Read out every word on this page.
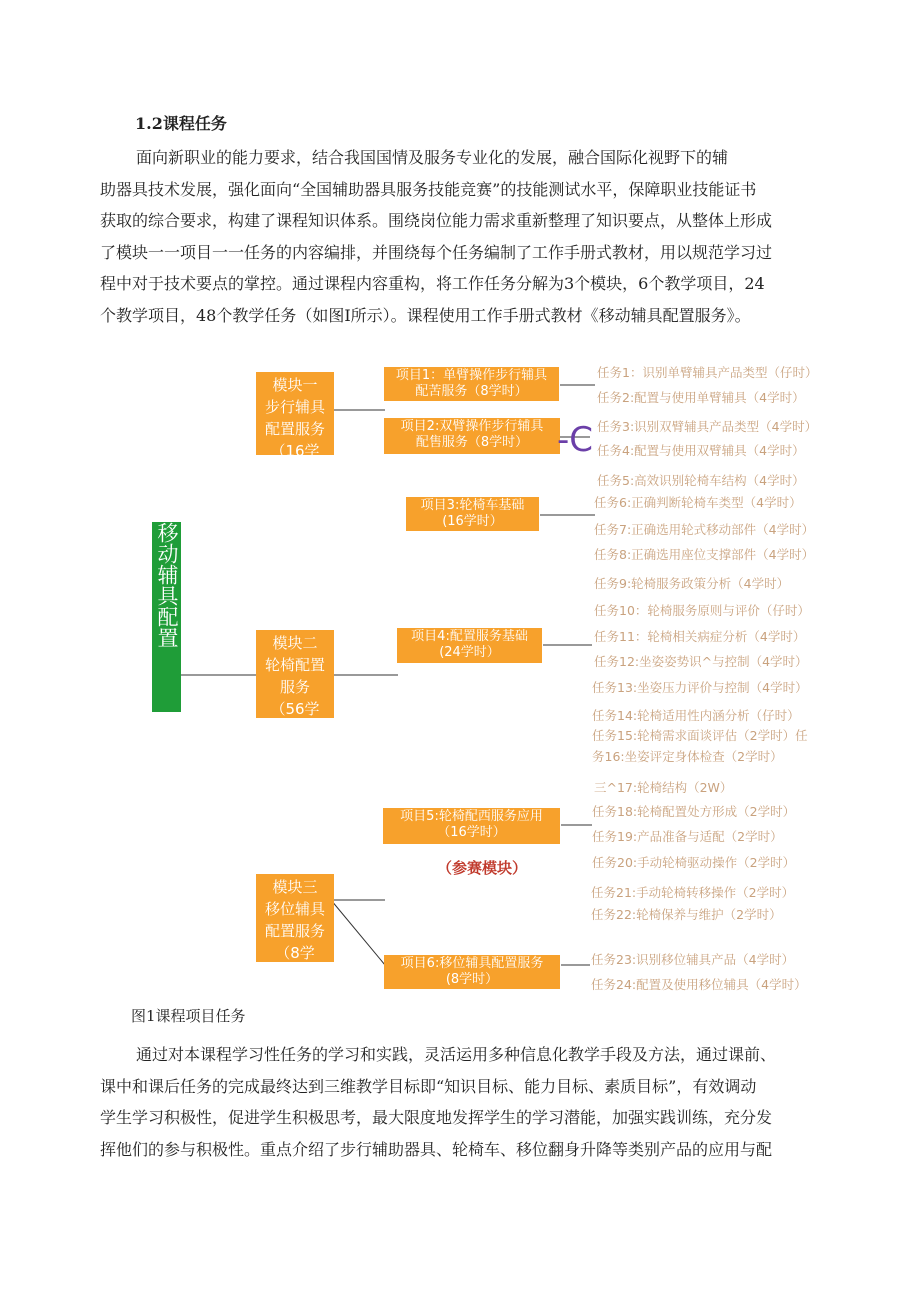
1.2课程任务

面向新职业的能力要求，结合我国国情及服务专业化的发展，融合国际化视野下的辅

助器具技术发展，强化面向“全国辅助器具服务技能竞赛”的技能测试水平，保障职业技能证书

获取的综合要求，构建了课程知识体系。围绕岗位能力需求重新整理了知识要点，从整体上形成

了模块一一项目一一任务的内容编排，并围绕每个任务编制了工作手册式教材，用以规范学习过

程中对于技术要点的掌控。通过课程内容重构，将工作任务分解为3个模块，6个教学项目，24

个教学项目，48个教学任务（如图I所示）。课程使用工作手册式教材《移动辅具配置服务》。

移动辅具配置
模块一
步行辅具
配置服务
（16学
时）
模块二
轮椅配置
服务
（56学
时）
模块三
移位辅具
配置服务
（8学
时）
项目1：单臂操作步行辅具
配苦服务（8学时）
项目2:双臂操作步行辅具
配售服务（8学时）
项目3:轮椅车基础
(16学时）
项目4:配置服务基础
(24学时）
项目5:轮椅配西服务应用
（16学时）
项目6:移位辅具配置服务
(8学时）
-C
（参赛模块）
任务1：识别单臂辅具产品类型（仔时）
任务2:配置与使用单臂辅具（4学时）
任务3:识别双臂辅具产品类型（4学时）
任务4:配置与使用双臂辅具（4学时）
任务5:高效识别轮椅车结构（4学时）
任务6:正确判断轮椅车类型（4学时）
任务7:正确选用轮式移动部件（4学时）
任务8:正确选用座位支撑部件（4学时）
任务9:轮椅服务政策分析（4学时）
任务10：轮椅服务原则与评价（仔时）
任务11：轮椅相关病症分析（4学时）
任务12:坐姿姿势识^与控制（4学时）
任务13:坐姿压力评价与控制（4学时）
任务14:轮椅适用性内涵分析（仔时）
任务15:轮椅需求面谈评估（2学时）任
务16:坐姿评定身体检查（2学时）
三^17:轮椅结构（2W）
任务18:轮椅配置处方形成（2学时）
任务19:产品准备与适配（2学时）
任务20:手动轮椅驱动操作（2学时）
任务21:手动轮椅转移操作（2学时）
任务22:轮椅保养与维护（2学时）
任务23:识别移位辅具产品（4学时）
任务24:配置及使用移位辅具（4学时）
图1课程项目任务

通过对本课程学习性任务的学习和实践，灵活运用多种信息化教学手段及方法，通过课前、

课中和课后任务的完成最终达到三维教学目标即“知识目标、能力目标、素质目标”，有效调动

学生学习积极性，促进学生积极思考，最大限度地发挥学生的学习潜能，加强实践训练，充分发

挥他们的参与积极性。重点介绍了步行辅助器具、轮椅车、移位翻身升降等类别产品的应用与配
